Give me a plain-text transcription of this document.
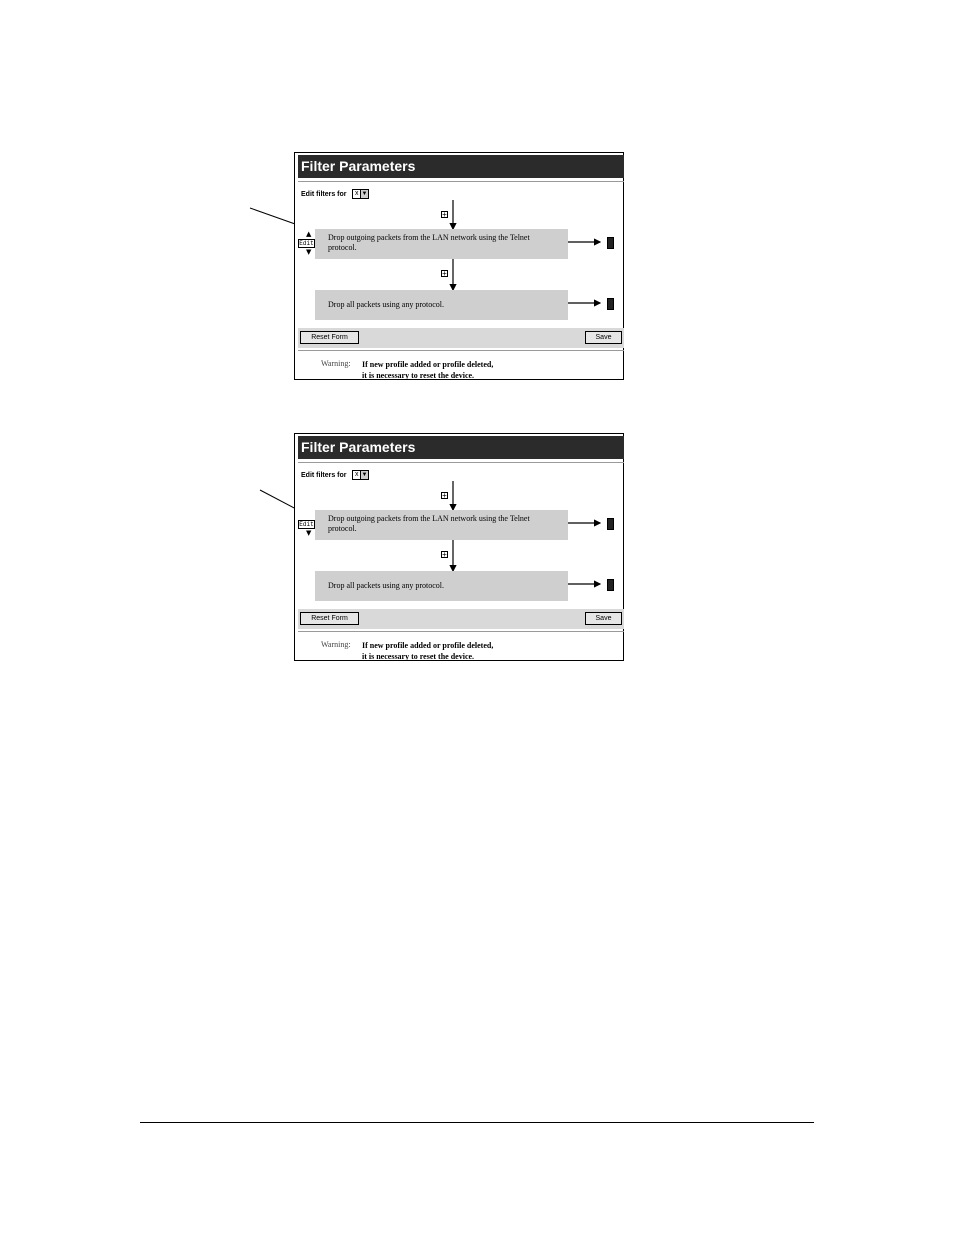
Filter Parameters
Edit filters for x ▼
+
▲
Edit
▼
Drop outgoing packets from the LAN network using the Telnet protocol.
+
Drop all packets using any protocol.
Reset Form	Save
Warning: If new profile added or profile deleted,
it is necessary to reset the device.
Filter Parameters
Edit filters for x ▼
+
Edit
▼
Drop outgoing packets from the LAN network using the Telnet protocol.
+
Drop all packets using any protocol.
Reset Form	Save
Warning: If new profile added or profile deleted,
it is necessary to reset the device.
